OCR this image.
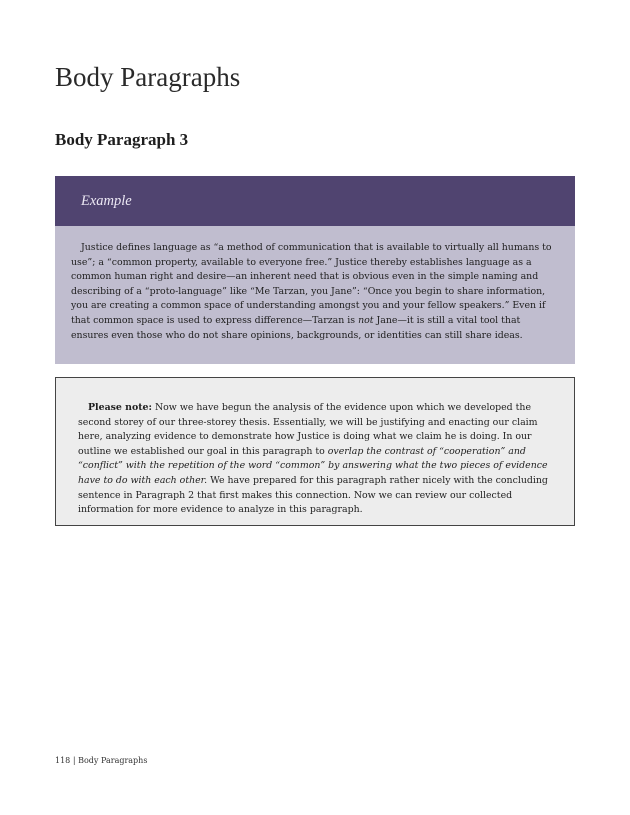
Body Paragraphs
Body Paragraph 3
Example
Justice defines language as “a method of communication that is available to virtually all humans to use”; a “common property, available to everyone free.” Justice thereby establishes language as a common human right and desire—an inherent need that is obvious even in the simple naming and describing of a “proto-language” like “Me Tarzan, you Jane”: “Once you begin to share information, you are creating a common space of understanding amongst you and your fellow speakers.” Even if that common space is used to express difference—Tarzan is not Jane—it is still a vital tool that ensures even those who do not share opinions, backgrounds, or identities can still share ideas.
Please note: Now we have begun the analysis of the evidence upon which we developed the second storey of our three-storey thesis. Essentially, we will be justifying and enacting our claim here, analyzing evidence to demonstrate how Justice is doing what we claim he is doing. In our outline we established our goal in this paragraph to overlap the contrast of “cooperation” and “conflict” with the repetition of the word “common” by answering what the two pieces of evidence have to do with each other. We have prepared for this paragraph rather nicely with the concluding sentence in Paragraph 2 that first makes this connection. Now we can review our collected information for more evidence to analyze in this paragraph.
118 | Body Paragraphs
